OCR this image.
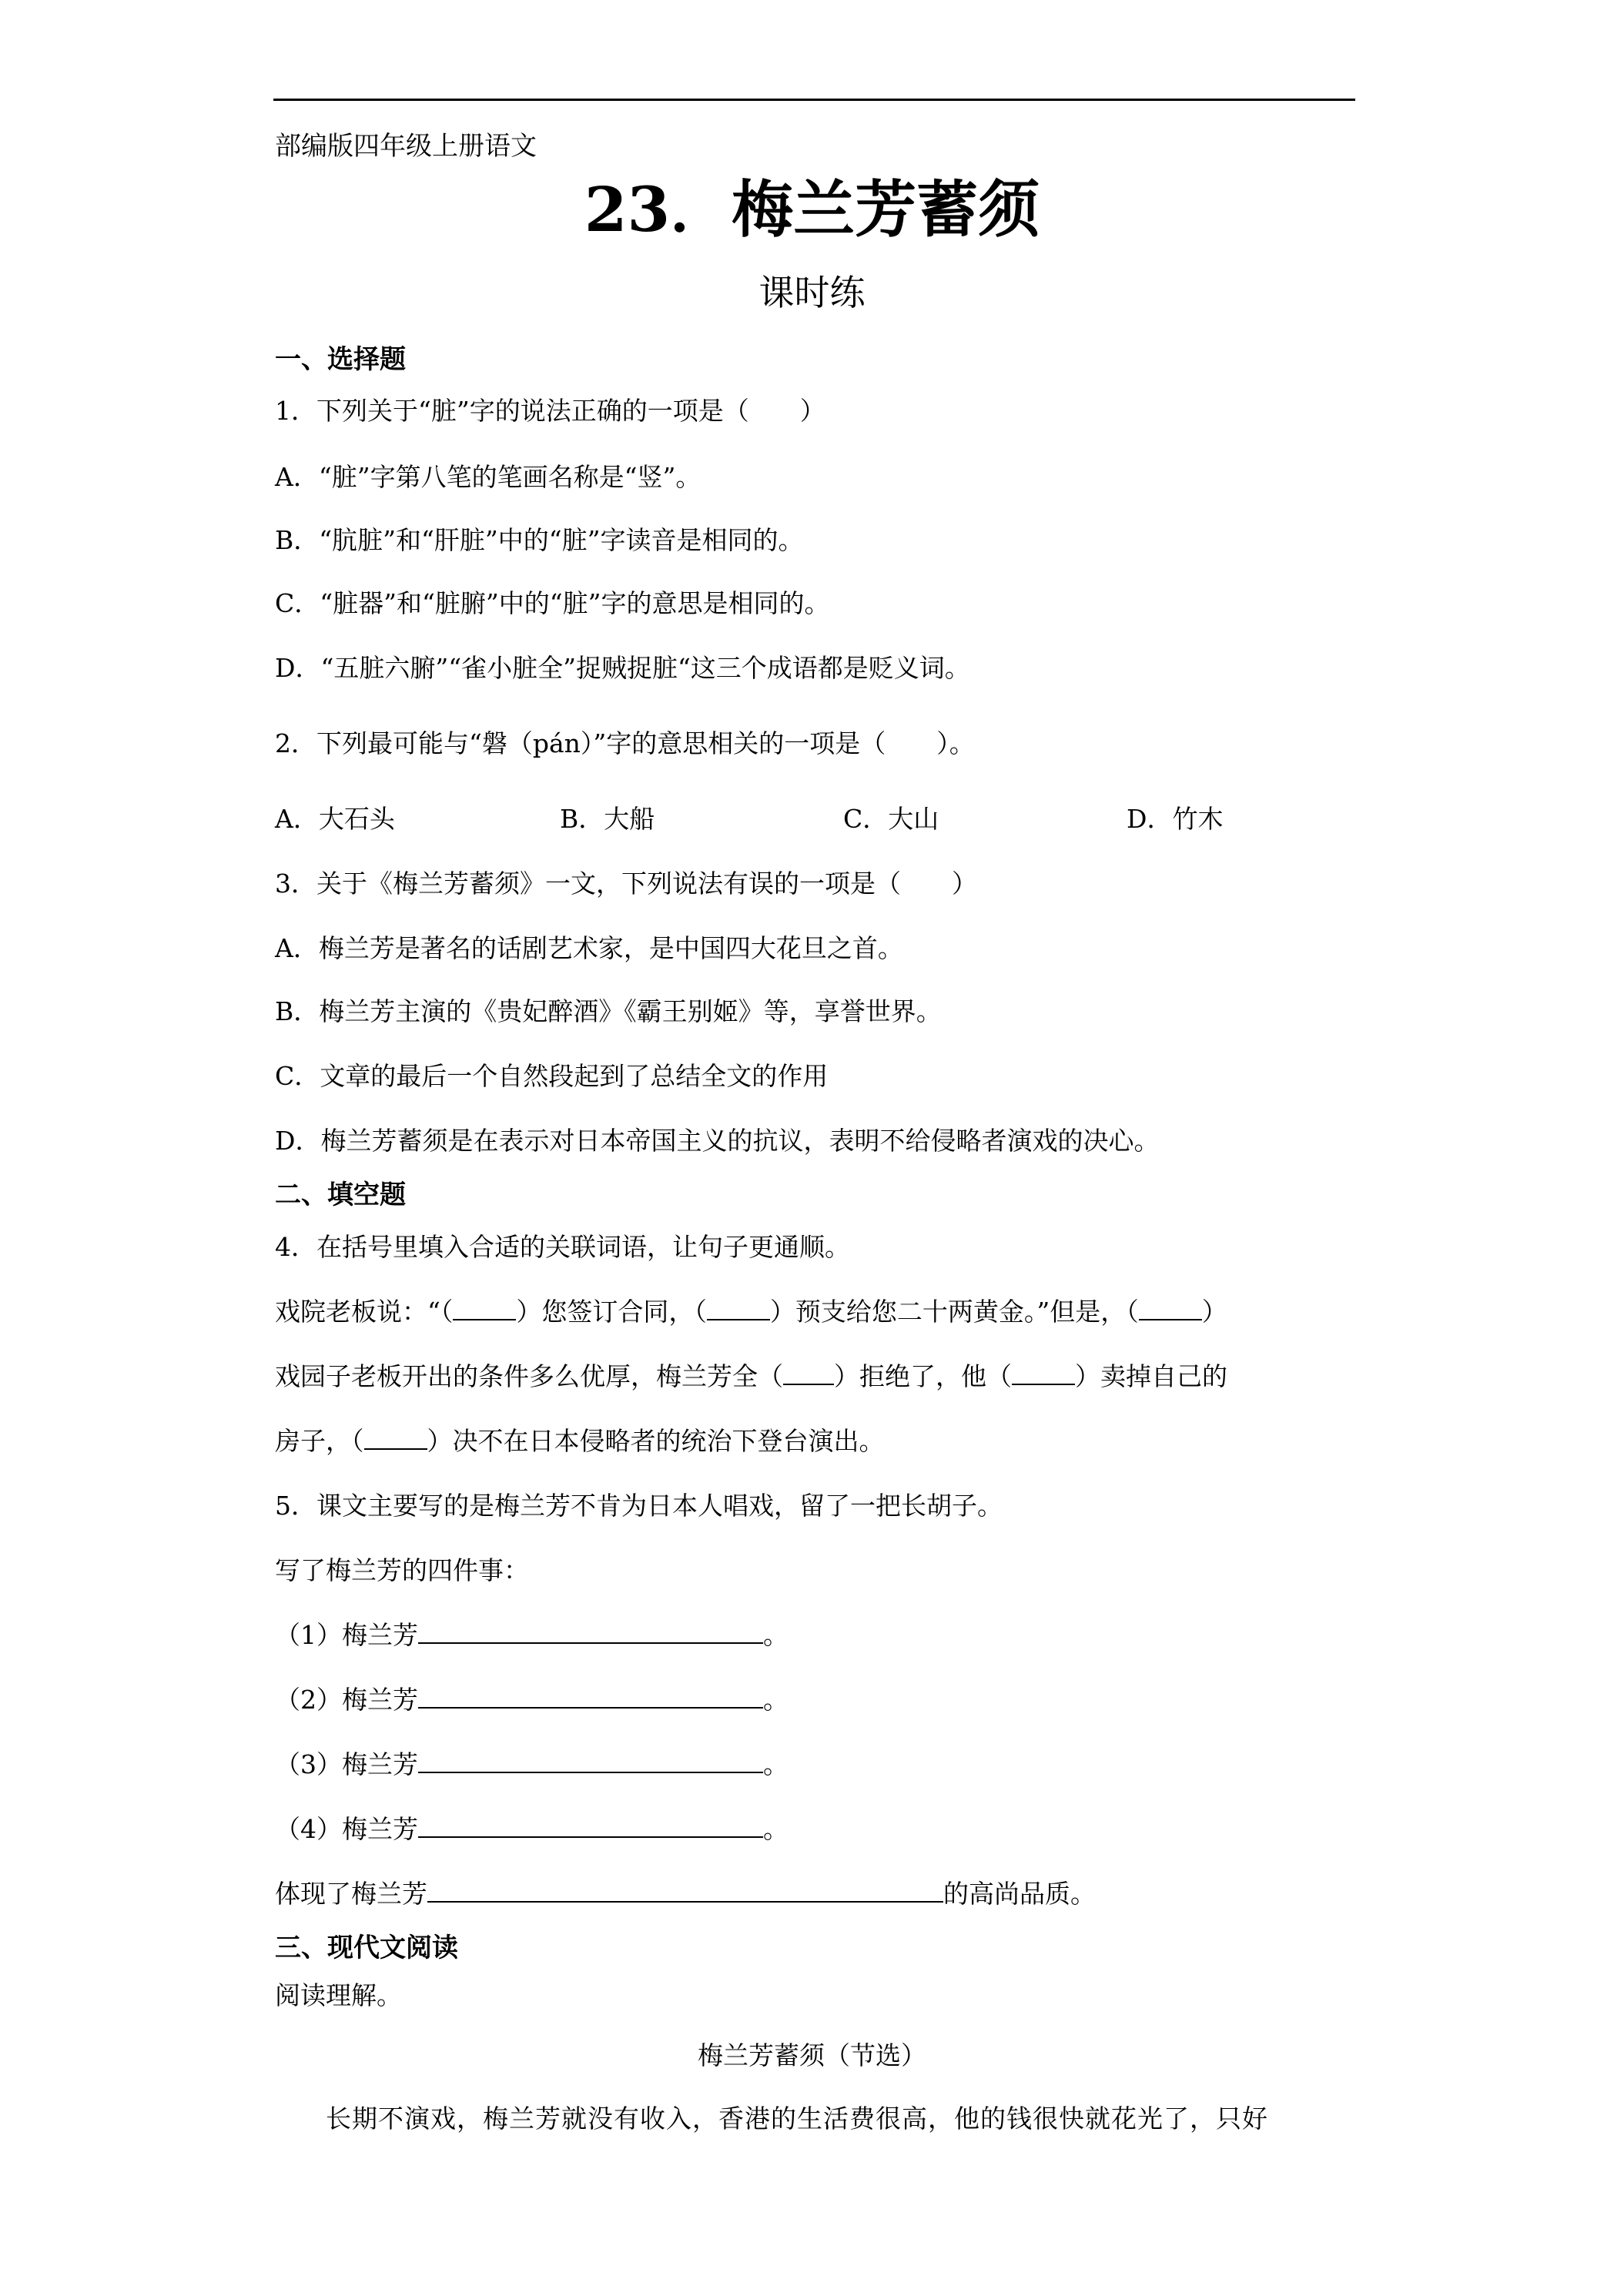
部编版四年级上册语文
23．梅兰芳蓄须
课时练
一、选择题
1．下列关于“脏”字的说法正确的一项是（　　）
A．“脏”字第八笔的笔画名称是“竖”。
B．“肮脏”和“肝脏”中的“脏”字读音是相同的。
C．“脏器”和“脏腑”中的“脏”字的意思是相同的。
D．“五脏六腑”“雀小脏全”捉贼捉脏“这三个成语都是贬义词。
2．下列最可能与“磐（pán）”字的意思相关的一项是（　　）。
A．大石头	B．大船	C．大山	D．竹木
3．关于《梅兰芳蓄须》一文，下列说法有误的一项是（　　）
A．梅兰芳是著名的话剧艺术家，是中国四大花旦之首。
B．梅兰芳主演的《贵妃醉酒》《霸王别姬》等，享誉世界。
C．文章的最后一个自然段起到了总结全文的作用
D．梅兰芳蓄须是在表示对日本帝国主义的抗议，表明不给侵略者演戏的决心。
二、填空题
4．在括号里填入合适的关联词语，让句子更通顺。
戏院老板说：“（ ）您签订合同，（ ）预支给您二十两黄金。”但是，（ ）
戏园子老板开出的条件多么优厚，梅兰芳全（ ）拒绝了，他（ ）卖掉自己的
房子，（ ）决不在日本侵略者的统治下登台演出。
5．课文主要写的是梅兰芳不肯为日本人唱戏，留了一把长胡子。
写了梅兰芳的四件事：
（1）梅兰芳	。
（2）梅兰芳	。
（3）梅兰芳	。
（4）梅兰芳	。
体现了梅兰芳	的高尚品质。
三、现代文阅读
阅读理解。
梅兰芳蓄须（节选）
长期不演戏，梅兰芳就没有收入，香港的生活费很高，他的钱很快就花光了，只好
